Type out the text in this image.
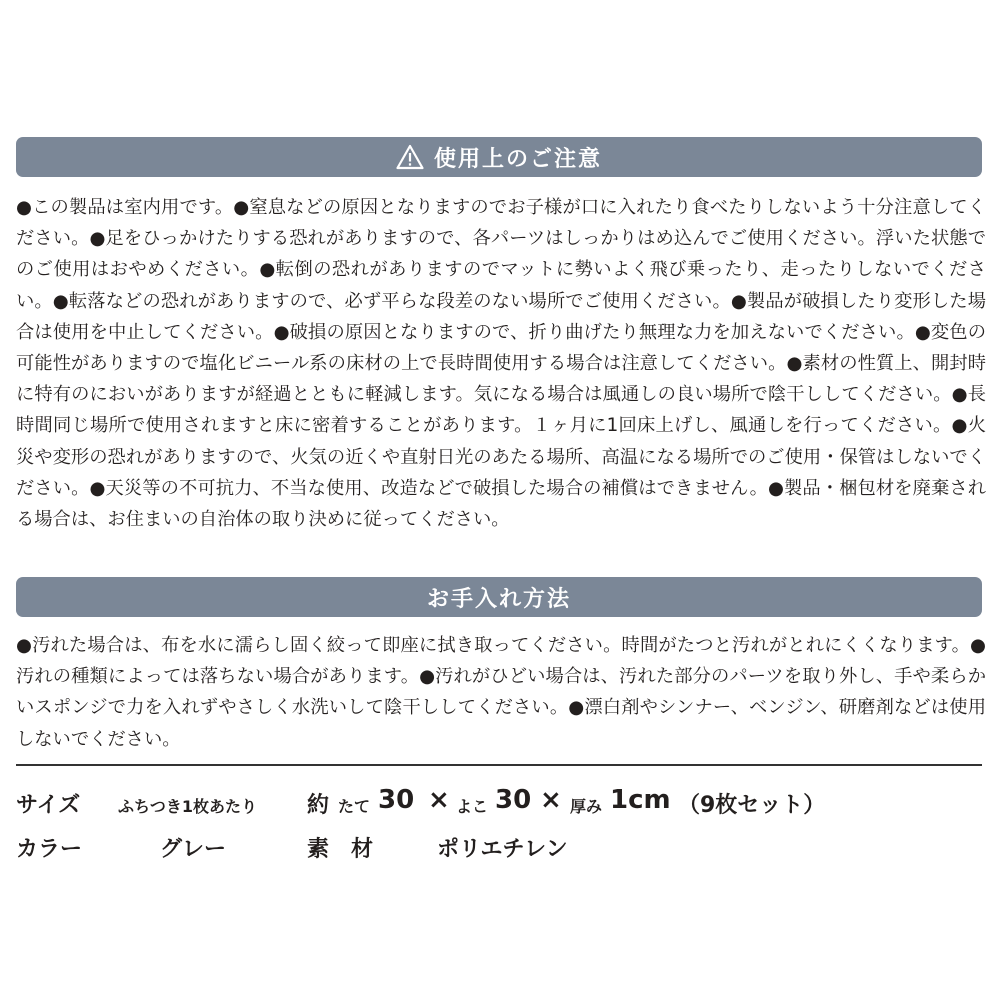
使用上のご注意

●この製品は室内用です。●窒息などの原因となりますのでお子様が口に入れたり食べたりしないよう十分注意してください。●足をひっかけたりする恐れがありますので、各パーツはしっかりはめ込んでご使用ください。浮いた状態でのご使用はおやめください。●転倒の恐れがありますのでマットに勢いよく飛び乗ったり、走ったりしないでください。●転落などの恐れがありますので、必ず平らな段差のない場所でご使用ください。●製品が破損したり変形した場合は使用を中止してください。●破損の原因となりますので、折り曲げたり無理な力を加えないでください。●変色の可能性がありますので塩化ビニール系の床材の上で長時間使用する場合は注意してください。●素材の性質上、開封時に特有のにおいがありますが経過とともに軽減します。気になる場合は風通しの良い場所で陰干ししてください。●長時間同じ場所で使用されますと床に密着することがあります。１ヶ月に1回床上げし、風通しを行ってください。●火災や変形の恐れがありますので、火気の近くや直射日光のあたる場所、高温になる場所でのご使用・保管はしないでください。●天災等の不可抗力、不当な使用、改造などで破損した場合の補償はできません。●製品・梱包材を廃棄される場合は、お住まいの自治体の取り決めに従ってください。

お手入れ方法

●汚れた場合は、布を水に濡らし固く絞って即座に拭き取ってください。時間がたつと汚れがとれにくくなります。●汚れの種類によっては落ちない場合があります。●汚れがひどい場合は、汚れた部分のパーツを取り外し、手や柔らかいスポンジで力を入れずやさしく水洗いして陰干ししてください。●漂白剤やシンナー、ベンジン、研磨剤などは使用しないでください。

サイズ ふちつき1枚あたり 約 たて 30 × よこ 30 × 厚み 1cm （9枚セット）
カラー	グレー	素　材	ポリエチレン
